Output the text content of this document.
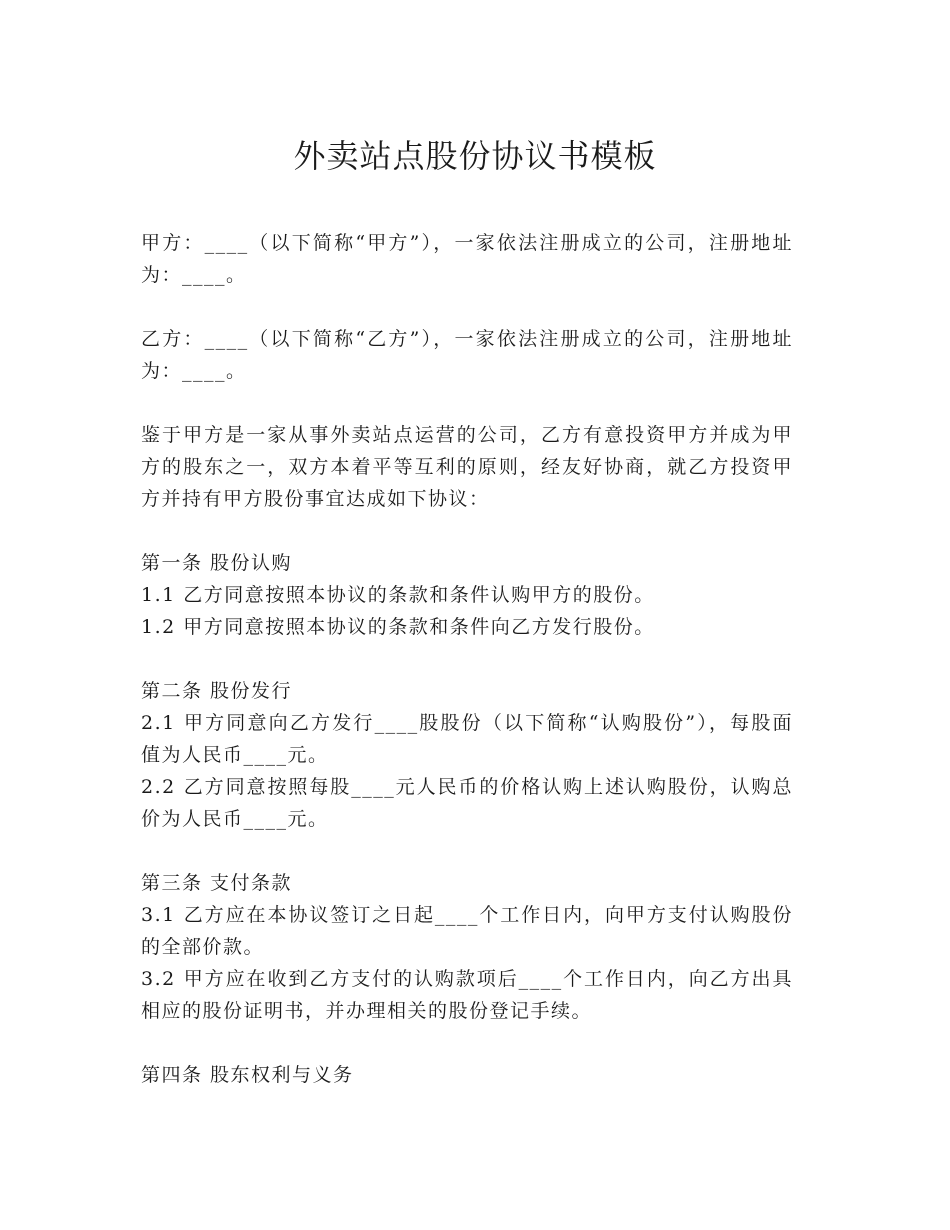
外卖站点股份协议书模板

甲方：____（以下简称“甲方”），一家依法注册成立的公司，注册地址为：____。

乙方：____（以下简称“乙方”），一家依法注册成立的公司，注册地址为：____。

鉴于甲方是一家从事外卖站点运营的公司，乙方有意投资甲方并成为甲方的股东之一，双方本着平等互利的原则，经友好协商，就乙方投资甲方并持有甲方股份事宜达成如下协议：

第一条 股份认购

1.1 乙方同意按照本协议的条款和条件认购甲方的股份。

1.2 甲方同意按照本协议的条款和条件向乙方发行股份。

第二条 股份发行

2.1 甲方同意向乙方发行____股股份（以下简称“认购股份”），每股面值为人民币____元。

2.2 乙方同意按照每股____元人民币的价格认购上述认购股份，认购总价为人民币____元。

第三条 支付条款

3.1 乙方应在本协议签订之日起____个工作日内，向甲方支付认购股份的全部价款。

3.2 甲方应在收到乙方支付的认购款项后____个工作日内，向乙方出具相应的股份证明书，并办理相关的股份登记手续。

第四条 股东权利与义务
